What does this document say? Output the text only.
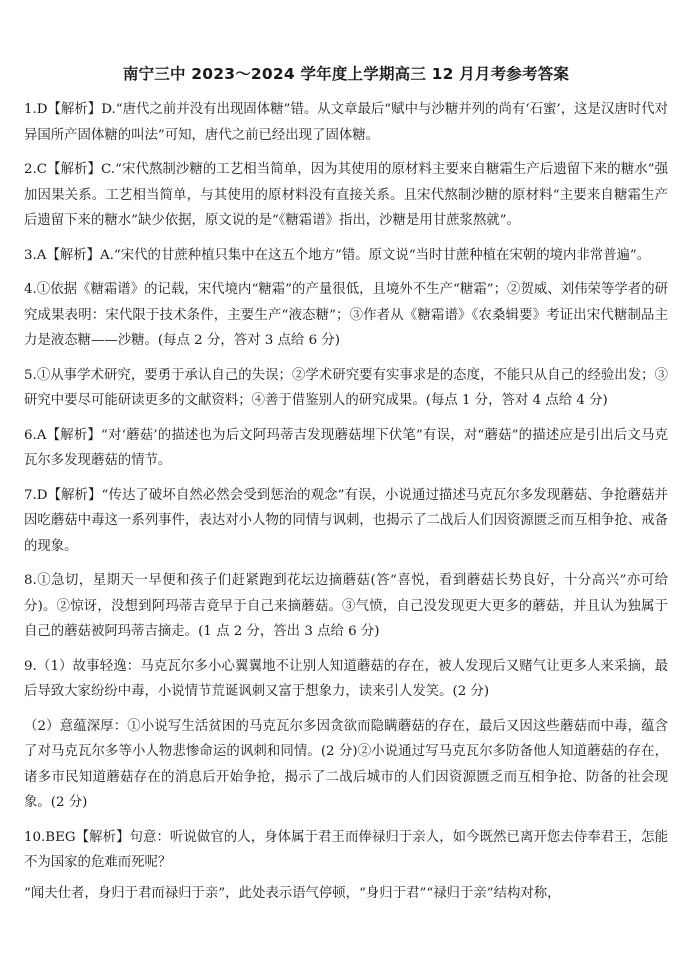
南宁三中 2023～2024 学年度上学期高三 12 月月考参考答案

1.D【解析】D.“唐代之前并没有出现固体糖”错。从文章最后“赋中与沙糖并列的尚有‘石蜜’，这是汉唐时代对异国所产固体糖的叫法”可知，唐代之前已经出现了固体糖。

2.C【解析】C.“宋代熬制沙糖的工艺相当简单，因为其使用的原材料主要来自糖霜生产后遗留下来的糖水”强加因果关系。工艺相当简单，与其使用的原材料没有直接关系。且宋代熬制沙糖的原材料“主要来自糖霜生产后遗留下来的糖水”缺少依据，原文说的是“《糖霜谱》指出，沙糖是用甘蔗浆熬就”。

3.A【解析】A.“宋代的甘蔗种植只集中在这五个地方”错。原文说“当时甘蔗种植在宋朝的境内非常普遍”。

4.①依据《糖霜谱》的记载，宋代境内“糖霜”的产量很低，且境外不生产“糖霜”；②贺威、刘伟荣等学者的研究成果表明：宋代限于技术条件，主要生产“液态糖”；③作者从《糖霜谱》《农桑辑要》考证出宋代糖制品主力是液态糖——沙糖。(每点 2 分，答对 3 点给 6 分)

5.①从事学术研究，要勇于承认自己的失误；②学术研究要有实事求是的态度，不能只从自己的经验出发；③研究中要尽可能研读更多的文献资料；④善于借鉴别人的研究成果。(每点 1 分，答对 4 点给 4 分)

6.A【解析】“对‘蘑菇’的描述也为后文阿玛蒂吉发现蘑菇埋下伏笔”有误，对“蘑菇”的描述应是引出后文马克瓦尔多发现蘑菇的情节。

7.D【解析】“传达了破坏自然必然会受到惩治的观念”有误，小说通过描述马克瓦尔多发现蘑菇、争抢蘑菇并因吃蘑菇中毒这一系列事件，表达对小人物的同情与讽刺，也揭示了二战后人们因资源匮乏而互相争抢、戒备的现象。

8.①急切，星期天一早便和孩子们赶紧跑到花坛边摘蘑菇(答“喜悦，看到蘑菇长势良好，十分高兴”亦可给分)。②惊讶，没想到阿玛蒂吉竟早于自己来摘蘑菇。③气愤，自己没发现更大更多的蘑菇，并且认为独属于自己的蘑菇被阿玛蒂吉摘走。(1 点 2 分，答出 3 点给 6 分)

9.（1）故事轻逸：马克瓦尔多小心翼翼地不让别人知道蘑菇的存在，被人发现后又赌气让更多人来采摘，最后导致大家纷纷中毒，小说情节荒诞讽刺又富于想象力，读来引人发笑。(2 分)

（2）意蕴深厚：①小说写生活贫困的马克瓦尔多因贪欲而隐瞒蘑菇的存在，最后又因这些蘑菇而中毒，蕴含了对马克瓦尔多等小人物悲惨命运的讽刺和同情。(2 分)②小说通过写马克瓦尔多防备他人知道蘑菇的存在，诸多市民知道蘑菇存在的消息后开始争抢，揭示了二战后城市的人们因资源匮乏而互相争抢、防备的社会现象。(2 分)

10.BEG【解析】句意：听说做官的人，身体属于君王而俸禄归于亲人，如今既然已离开您去侍奉君王，怎能不为国家的危难而死呢？

“闻夫仕者，身归于君而禄归于亲”，此处表示语气停顿，“身归于君”“禄归于亲”结构对称，
